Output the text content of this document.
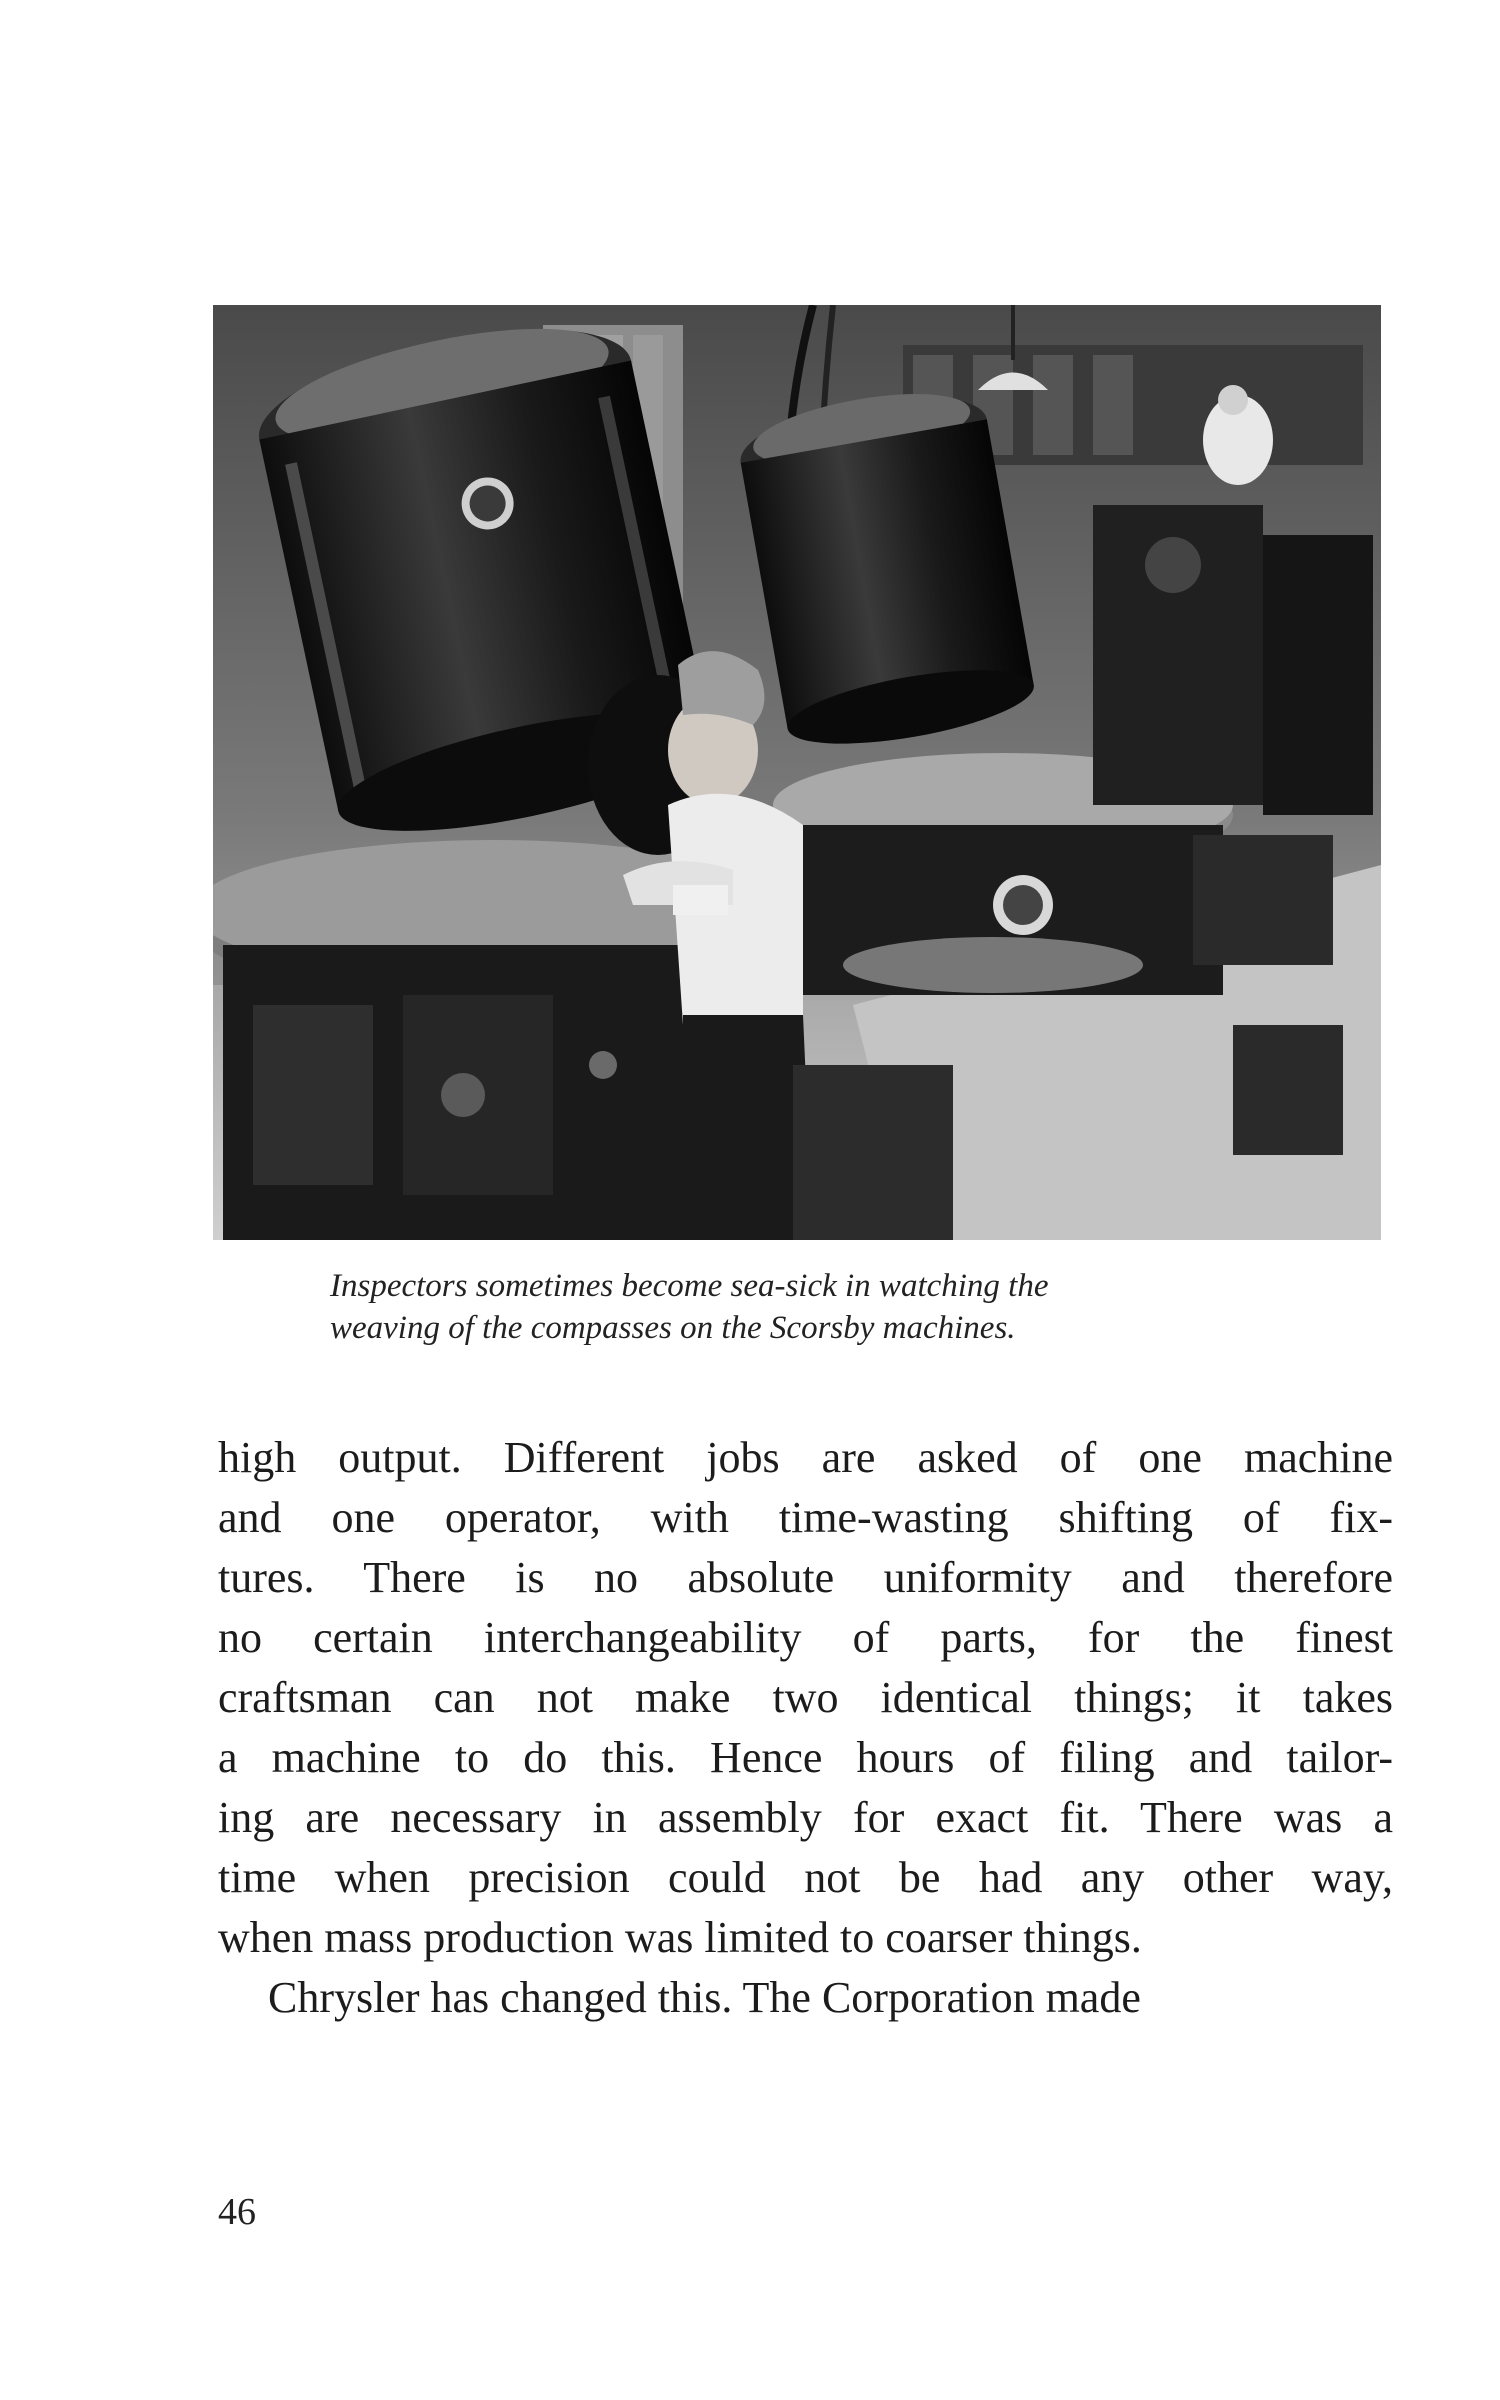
Inspectors sometimes become sea-sick in watching the
weaving of the compasses on the Scorsby machines.
high output. Different jobs are asked of one machine
and one operator, with time-wasting shifting of fix-
tures. There is no absolute uniformity and therefore
no certain interchangeability of parts, for the finest
craftsman can not make two identical things; it takes
a machine to do this. Hence hours of filing and tailor-
ing are necessary in assembly for exact fit. There was a
time when precision could not be had any other way,
when mass production was limited to coarser things.
Chrysler has changed this. The Corporation made
46
